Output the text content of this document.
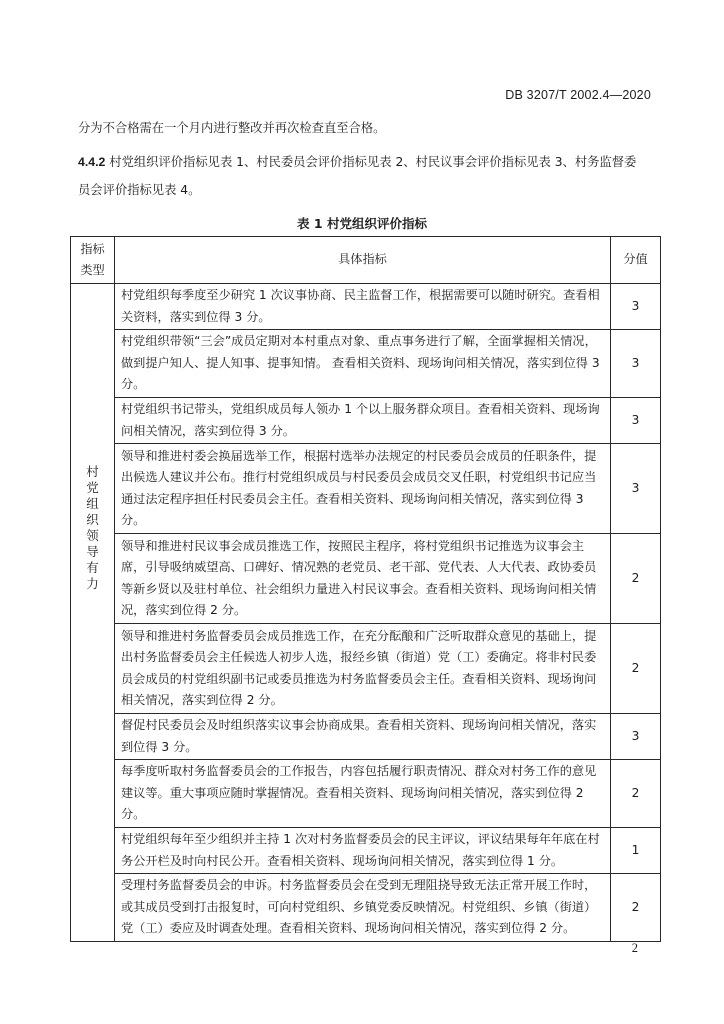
DB 3207/T 2002.4—2020

分为不合格需在一个月内进行整改并再次检查直至合格。

4.4.2 村党组织评价指标见表 1、村民委员会评价指标见表 2、村民议事会评价指标见表 3、村务监督委员会评价指标见表 4。

表 1 村党组织评价指标
指标类型	具体指标	分值
村党组织领导有力	村党组织每季度至少研究 1 次议事协商、民主监督工作，根据需要可以随时研究。查看相关资料，落实到位得 3 分。	3
	村党组织带领“三会”成员定期对本村重点对象、重点事务进行了解，全面掌握相关情况，做到提户知人、提人知事、提事知情。 查看相关资料、现场询问相关情况，落实到位得 3 分。	3
	村党组织书记带头，党组织成员每人领办 1 个以上服务群众项目。查看相关资料、现场询问相关情况，落实到位得 3 分。	3
	领导和推进村委会换届选举工作，根据村选举办法规定的村民委员会成员的任职条件，提出候选人建议并公布。推行村党组织成员与村民委员会成员交叉任职，村党组织书记应当通过法定程序担任村民委员会主任。查看相关资料、现场询问相关情况，落实到位得 3 分。	3
	领导和推进村民议事会成员推选工作，按照民主程序，将村党组织书记推选为议事会主席，引导吸纳威望高、口碑好、情况熟的老党员、老干部、党代表、人大代表、政协委员等新乡贤以及驻村单位、社会组织力量进入村民议事会。查看相关资料、现场询问相关情况，落实到位得 2 分。	2
	领导和推进村务监督委员会成员推选工作，在充分酝酿和广泛听取群众意见的基础上，提出村务监督委员会主任候选人初步人选，报经乡镇（街道）党（工）委确定。将非村民委员会成员的村党组织副书记或委员推选为村务监督委员会主任。查看相关资料、现场询问相关情况，落实到位得 2 分。	2
	督促村民委员会及时组织落实议事会协商成果。查看相关资料、现场询问相关情况，落实到位得 3 分。	3
	每季度听取村务监督委员会的工作报告，内容包括履行职责情况、群众对村务工作的意见建议等。重大事项应随时掌握情况。查看相关资料、现场询问相关情况，落实到位得 2 分。	2
	村党组织每年至少组织并主持 1 次对村务监督委员会的民主评议，评议结果每年年底在村务公开栏及时向村民公开。查看相关资料、现场询问相关情况，落实到位得 1 分。	1
	受理村务监督委员会的申诉。村务监督委员会在受到无理阻挠导致无法正常开展工作时，或其成员受到打击报复时，可向村党组织、乡镇党委反映情况。村党组织、乡镇（街道）党（工）委应及时调查处理。查看相关资料、现场询问相关情况，落实到位得 2 分。	2
2
